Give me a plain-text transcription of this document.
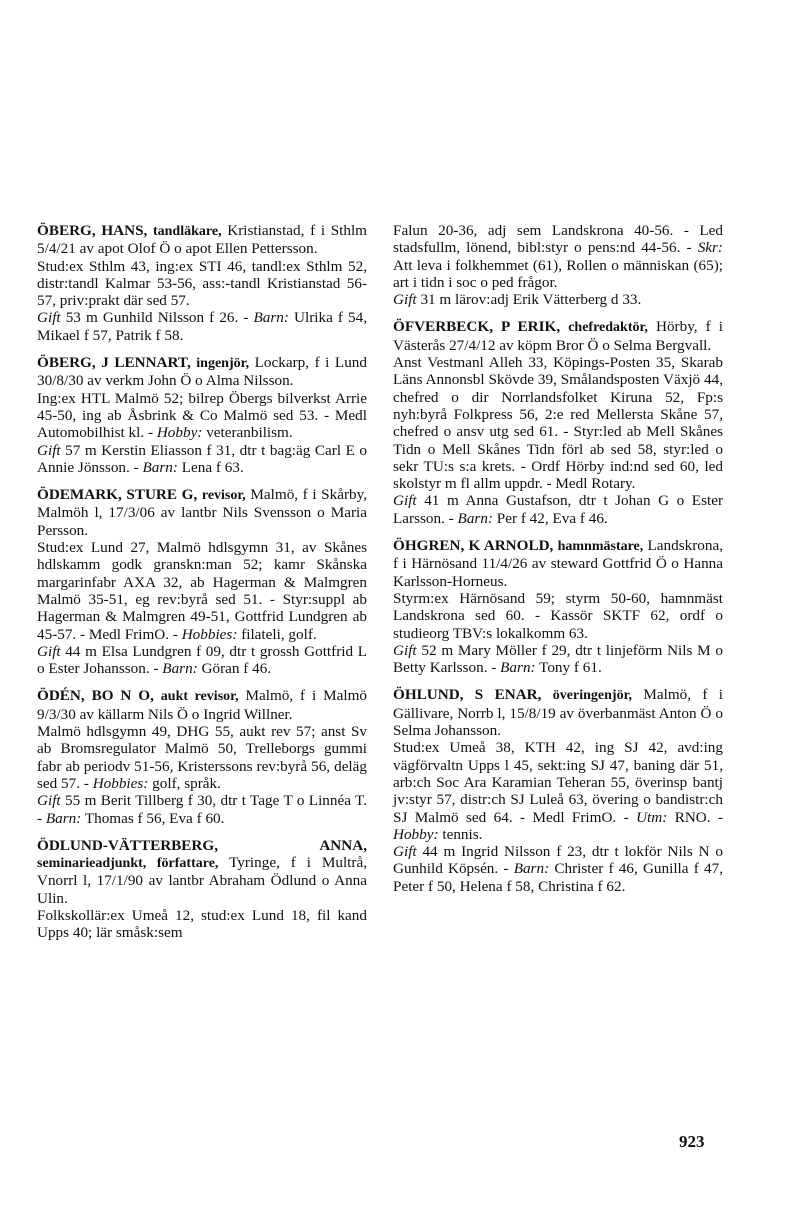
ÖBERG, HANS, tandläkare, Kristianstad, f i Sthlm 5/4/21 av apot Olof Ö o apot Ellen Pettersson.

Stud:ex Sthlm 43, ing:ex STI 46, tandl:ex Sthlm 52, distr:tandl Kalmar 53-56, ass:-tandl Kristianstad 56-57, priv:prakt där sed 57.

Gift 53 m Gunhild Nilsson f 26. - Barn: Ulrika f 54, Mikael f 57, Patrik f 58.

ÖBERG, J LENNART, ingenjör, Lockarp, f i Lund 30/8/30 av verkm John Ö o Alma Nilsson.

Ing:ex HTL Malmö 52; bilrep Öbergs bilverkst Arrie 45-50, ing ab Åsbrink & Co Malmö sed 53. - Medl Automobilhist kl. - Hobby: veteranbilism.

Gift 57 m Kerstin Eliasson f 31, dtr t bag:äg Carl E o Annie Jönsson. - Barn: Lena f 63.

ÖDEMARK, STURE G, revisor, Malmö, f i Skårby, Malmöh l, 17/3/06 av lantbr Nils Svensson o Maria Persson.

Stud:ex Lund 27, Malmö hdlsgymn 31, av Skånes hdlskamm godk granskn:man 52; kamr Skånska margarinfabr AXA 32, ab Hagerman & Malmgren Malmö 35-51, eg rev:byrå sed 51. - Styr:suppl ab Hagerman & Malmgren 49-51, Gottfrid Lundgren ab 45-57. - Medl FrimO. - Hobbies: filateli, golf.

Gift 44 m Elsa Lundgren f 09, dtr t grossh Gottfrid L o Ester Johansson. - Barn: Göran f 46.

ÖDÉN, BO N O, aukt revisor, Malmö, f i Malmö 9/3/30 av källarm Nils Ö o Ingrid Willner.

Malmö hdlsgymn 49, DHG 55, aukt rev 57; anst Sv ab Bromsregulator Malmö 50, Trelleborgs gummi fabr ab periodv 51-56, Kristerssons rev:byrå 56, deläg sed 57. - Hobbies: golf, språk.

Gift 55 m Berit Tillberg f 30, dtr t Tage T o Linnéa T. - Barn: Thomas f 56, Eva f 60.

ÖDLUND-VÄTTERBERG, ANNA, seminarieadjunkt, författare, Tyringe, f i Multrå, Vnorrl l, 17/1/90 av lantbr Abraham Ödlund o Anna Ulin.

Folkskollär:ex Umeå 12, stud:ex Lund 18, fil kand Upps 40; lär småsk:sem

Falun 20-36, adj sem Landskrona 40-56. - Led stadsfullm, lönend, bibl:styr o pens:nd 44-56. - Skr: Att leva i folkhemmet (61), Rollen o människan (65); art i tidn i soc o ped frågor.

Gift 31 m lärov:adj Erik Vätterberg d 33.

ÖFVERBECK, P ERIK, chefredaktör, Hörby, f i Västerås 27/4/12 av köpm Bror Ö o Selma Bergvall.

Anst Vestmanl Alleh 33, Köpings-Posten 35, Skarab Läns Annonsbl Skövde 39, Smålandsposten Växjö 44, chefred o dir Norrlandsfolket Kiruna 52, Fp:s nyh:byrå Folkpress 56, 2:e red Mellersta Skåne 57, chefred o ansv utg sed 61. - Styr:led ab Mell Skånes Tidn o Mell Skånes Tidn förl ab sed 58, styr:led o sekr TU:s s:a krets. - Ordf Hörby ind:nd sed 60, led skolstyr m fl allm uppdr. - Medl Rotary.

Gift 41 m Anna Gustafson, dtr t Johan G o Ester Larsson. - Barn: Per f 42, Eva f 46.

ÖHGREN, K ARNOLD, hamnmästare, Landskrona, f i Härnösand 11/4/26 av steward Gottfrid Ö o Hanna Karlsson-Horneus.

Styrm:ex Härnösand 59; styrm 50-60, hamnmäst Landskrona sed 60. - Kassör SKTF 62, ordf o studieorg TBV:s lokalkomm 63.

Gift 52 m Mary Möller f 29, dtr t linjeförm Nils M o Betty Karlsson. - Barn: Tony f 61.

ÖHLUND, S ENAR, överingenjör, Malmö, f i Gällivare, Norrb l, 15/8/19 av överbanmäst Anton Ö o Selma Johansson.

Stud:ex Umeå 38, KTH 42, ing SJ 42, avd:ing vägförvaltn Upps l 45, sekt:ing SJ 47, baning där 51, arb:ch Soc Ara Karamian Teheran 55, överinsp bantj jv:styr 57, distr:ch SJ Luleå 63, övering o bandistr:ch SJ Malmö sed 64. - Medl FrimO. - Utm: RNO. - Hobby: tennis.

Gift 44 m Ingrid Nilsson f 23, dtr t lokför Nils N o Gunhild Köpsén. - Barn: Christer f 46, Gunilla f 47, Peter f 50, Helena f 58, Christina f 62.

923
